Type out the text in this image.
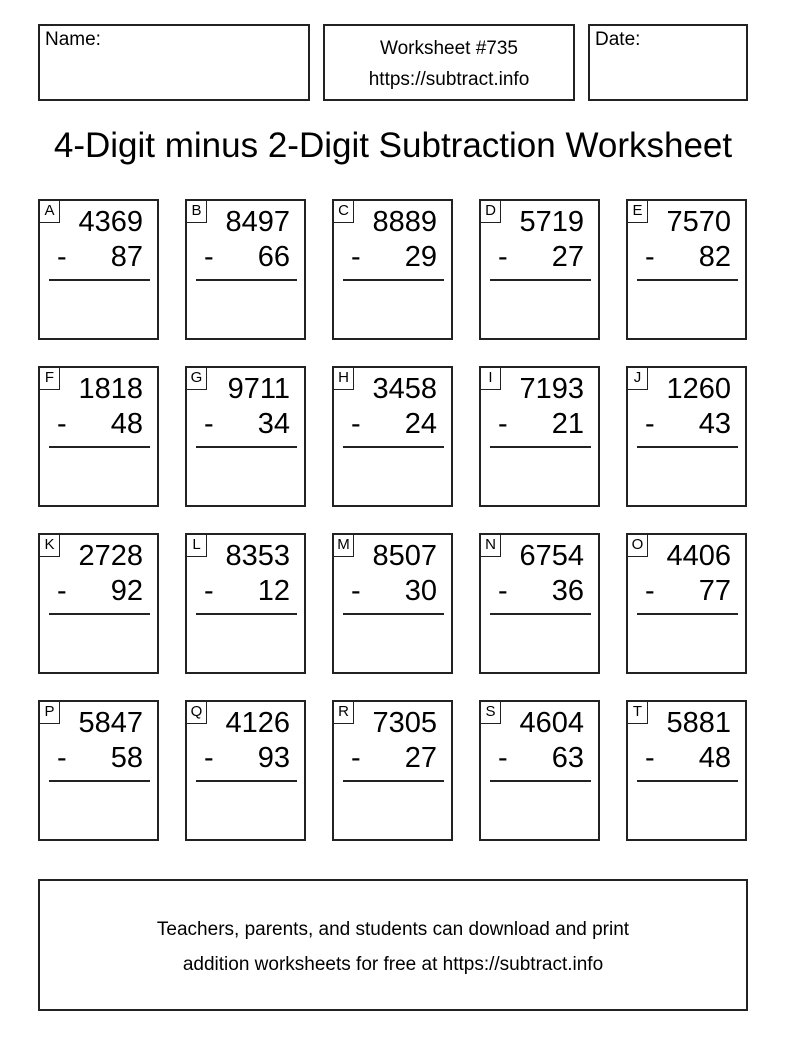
Name:	Worksheet #735
https://subtract.info
Date:
4-Digit minus 2-Digit Subtraction Worksheet
A 4369
- 87
B 8497
- 66
C 8889
- 29
D 5719
- 27
E 7570
- 82
F 1818
- 48
G 9711
- 34
H 3458
- 24
I 7193
- 21
J 1260
- 43
K 2728
- 92
L 8353
- 12
M 8507
- 30
N 6754
- 36
O 4406
- 77
P 5847
- 58
Q 4126
- 93
R 7305
- 27
S 4604
- 63
T 5881
- 48
Teachers, parents, and students can download and print
addition worksheets for free at https://subtract.info
